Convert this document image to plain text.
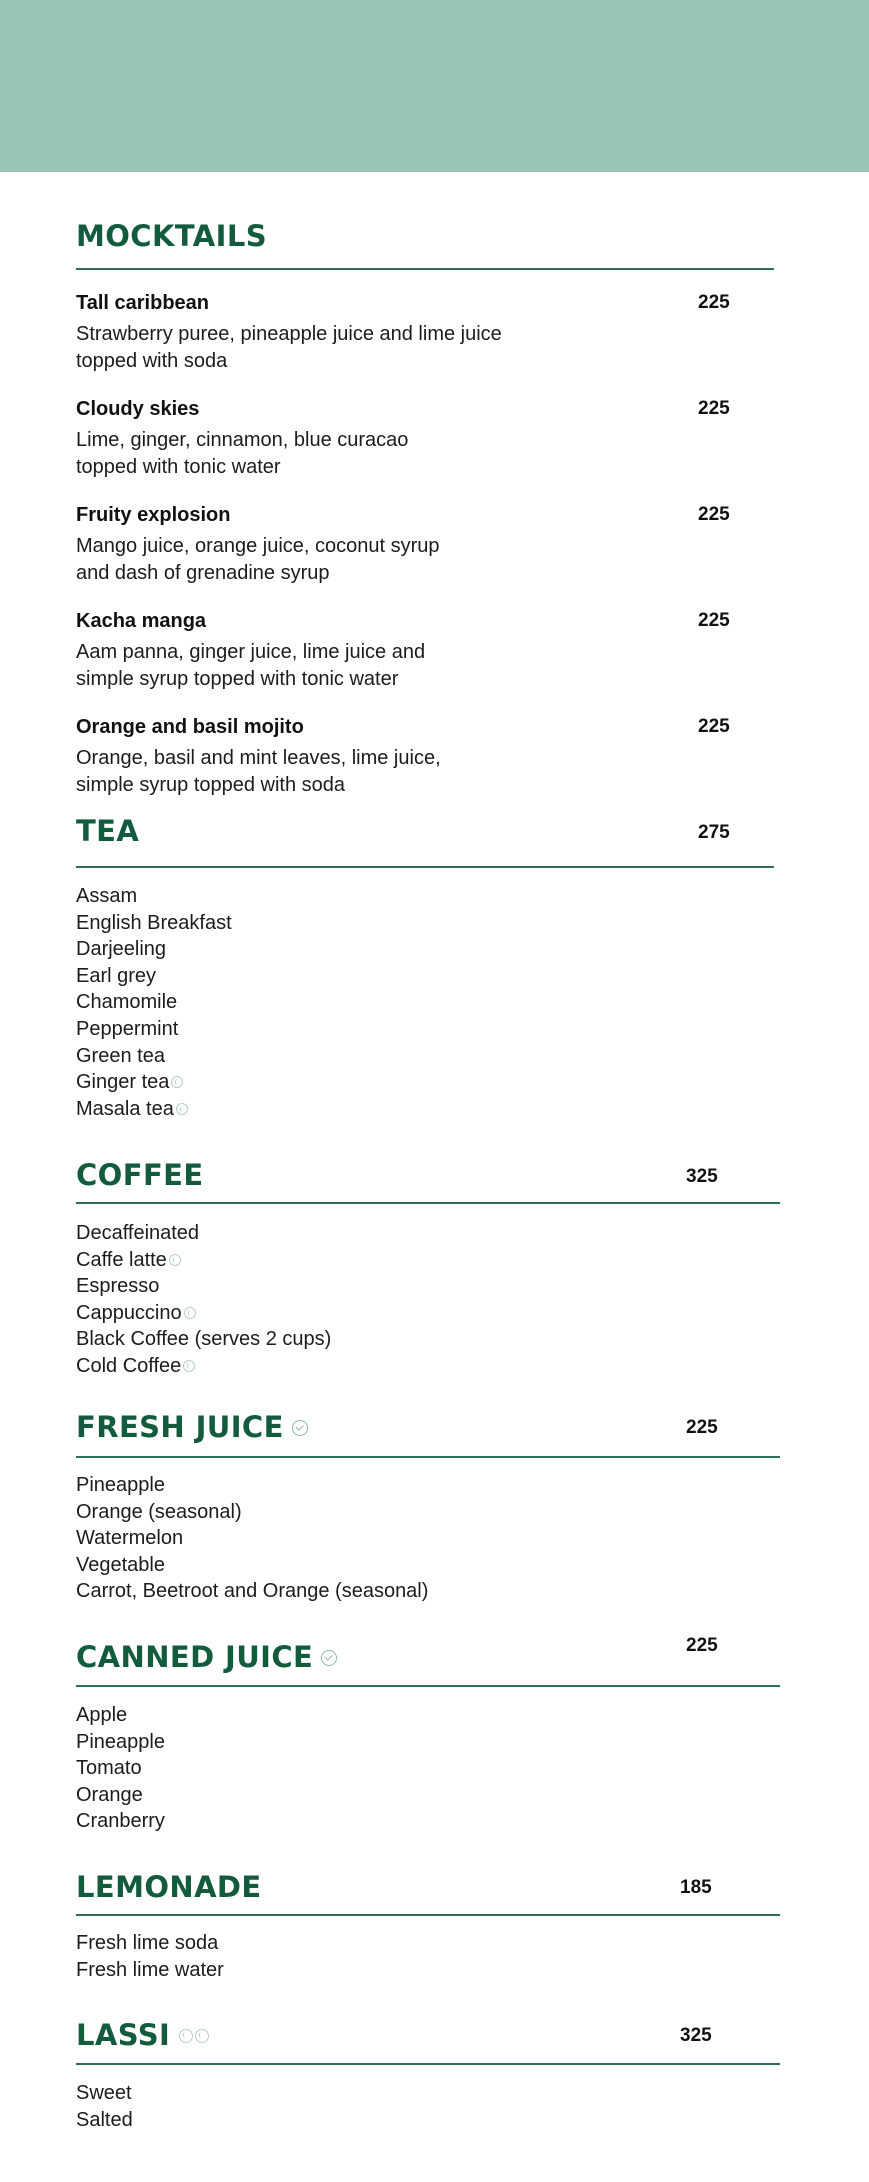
MOCKTAILS
Tall caribbean
Strawberry puree, pineapple juice and lime juice
topped with soda
225
Cloudy skies
Lime, ginger, cinnamon, blue curacao
topped with tonic water
225
Fruity explosion
Mango juice, orange juice, coconut syrup
and dash of grenadine syrup
225
Kacha manga
Aam panna, ginger juice, lime juice and
simple syrup topped with tonic water
225
Orange and basil mojito
Orange, basil and mint leaves, lime juice,
simple syrup topped with soda
225
TEA	275
Assam
English Breakfast
Darjeeling
Earl grey
Chamomile
Peppermint
Green tea
Ginger tea
Masala tea
COFFEE	325
Decaffeinated
Caffe latte
Espresso
Cappuccino
Black Coffee (serves 2 cups)
Cold Coffee
FRESH JUICE	225
Pineapple
Orange (seasonal)
Watermelon
Vegetable
Carrot, Beetroot and Orange (seasonal)
CANNED JUICE	225
Apple
Pineapple
Tomato
Orange
Cranberry
LEMONADE	185
Fresh lime soda
Fresh lime water
LASSI	325
Sweet
Salted
